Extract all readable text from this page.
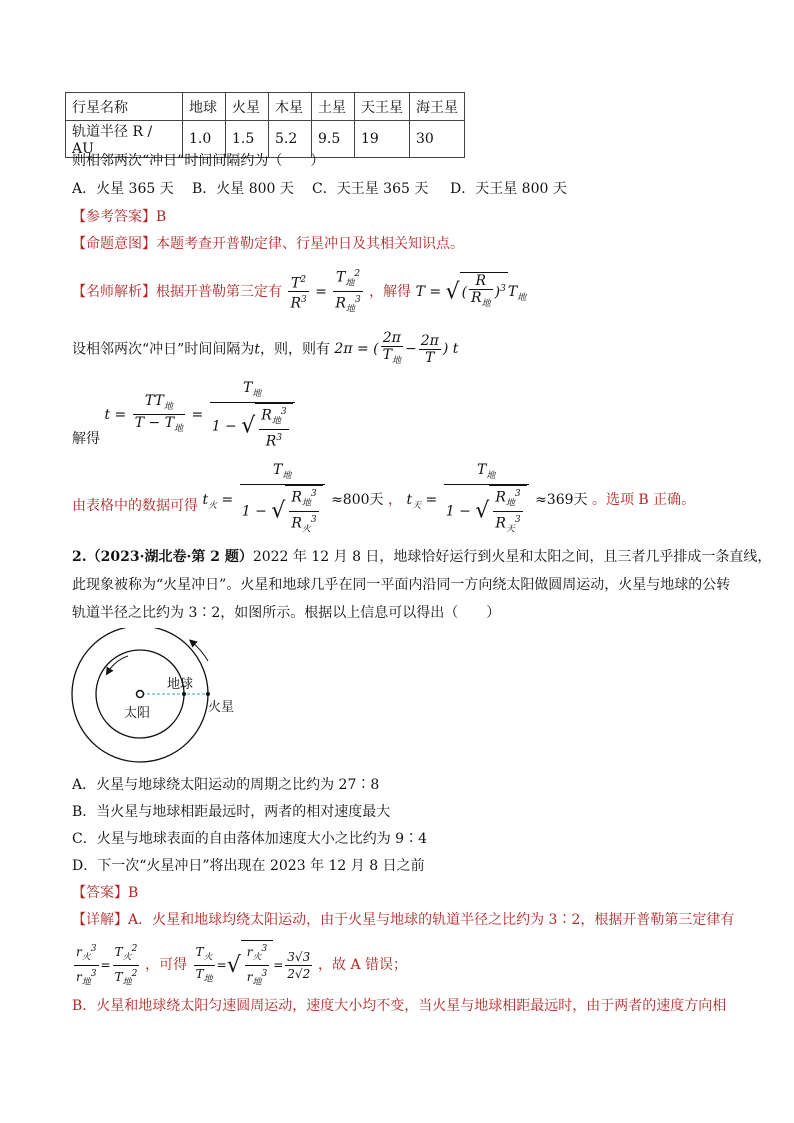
行星名称	地球	火星	木星	土星	天王星	海王星
轨道半径 R / AU	1.0	1.5	5.2	9.5	19	30
则相邻两次“冲日”时间间隔约为（　　）
A．火星 365 天 B．火星 800 天 C．天王星 365 天 D．天王星 800 天
【参考答案】B
【命题意图】本题考查开普勒定律、行星冲日及其相关知识点。
【名师解析】根据开普勒第三定有 $\frac{T^2}{R^3} = \frac{T_地^2}{R_地^3}$ ，解得 T = √ ( $\frac{R}{R_地} )^3$ $T_地$
设相邻两次“冲日”时间间隔为t，则，则有 2π = ( $\frac{2\pi}{T_地} - \frac{2\pi}{T}$ ) t
解得 $t = \frac{TT_地}{T - T_地} = \frac{T_地}{1 - √ \frac{R_地^3}{R^3}}$
由表格中的数据可得 $t_火 = \frac{T_地}{1 - √ \frac{R_地^3}{R_火^3}} \approx 800$天 ， $t_天 = \frac{T_地}{1 - √ \frac{R_地^3}{R_天^3}} \approx 369$天 。选项 B 正确。
2.（2023·湖北卷·第 2 题）2022 年 12 月 8 日，地球恰好运行到火星和太阳之间，且三者几乎排成一条直线，
此现象被称为“火星冲日”。火星和地球几乎在同一平面内沿同一方向绕太阳做圆周运动，火星与地球的公转
轨道半径之比约为 3∶2，如图所示。根据以上信息可以得出（　　）
太阳
地球
火星
A．火星与地球绕太阳运动的周期之比约为 27∶8
B．当火星与地球相距最远时，两者的相对速度最大
C．火星与地球表面的自由落体加速度大小之比约为 9∶4
D．下一次“火星冲日”将出现在 2023 年 12 月 8 日之前
【答案】B
【详解】A．火星和地球均绕太阳运动，由于火星与地球的轨道半径之比约为 3∶2，根据开普勒第三定律有
$\frac{r_火^3}{r_地^3} = \frac{T_火^2}{T_地^2}$ ，可得 $\frac{T_火}{T_地}$ =√ $\frac{r_火^3}{r_地^3} = \frac{3√3}{2√2}$ ，故 A 错误；
B．火星和地球绕太阳匀速圆周运动，速度大小均不变，当火星与地球相距最远时，由于两者的速度方向相
